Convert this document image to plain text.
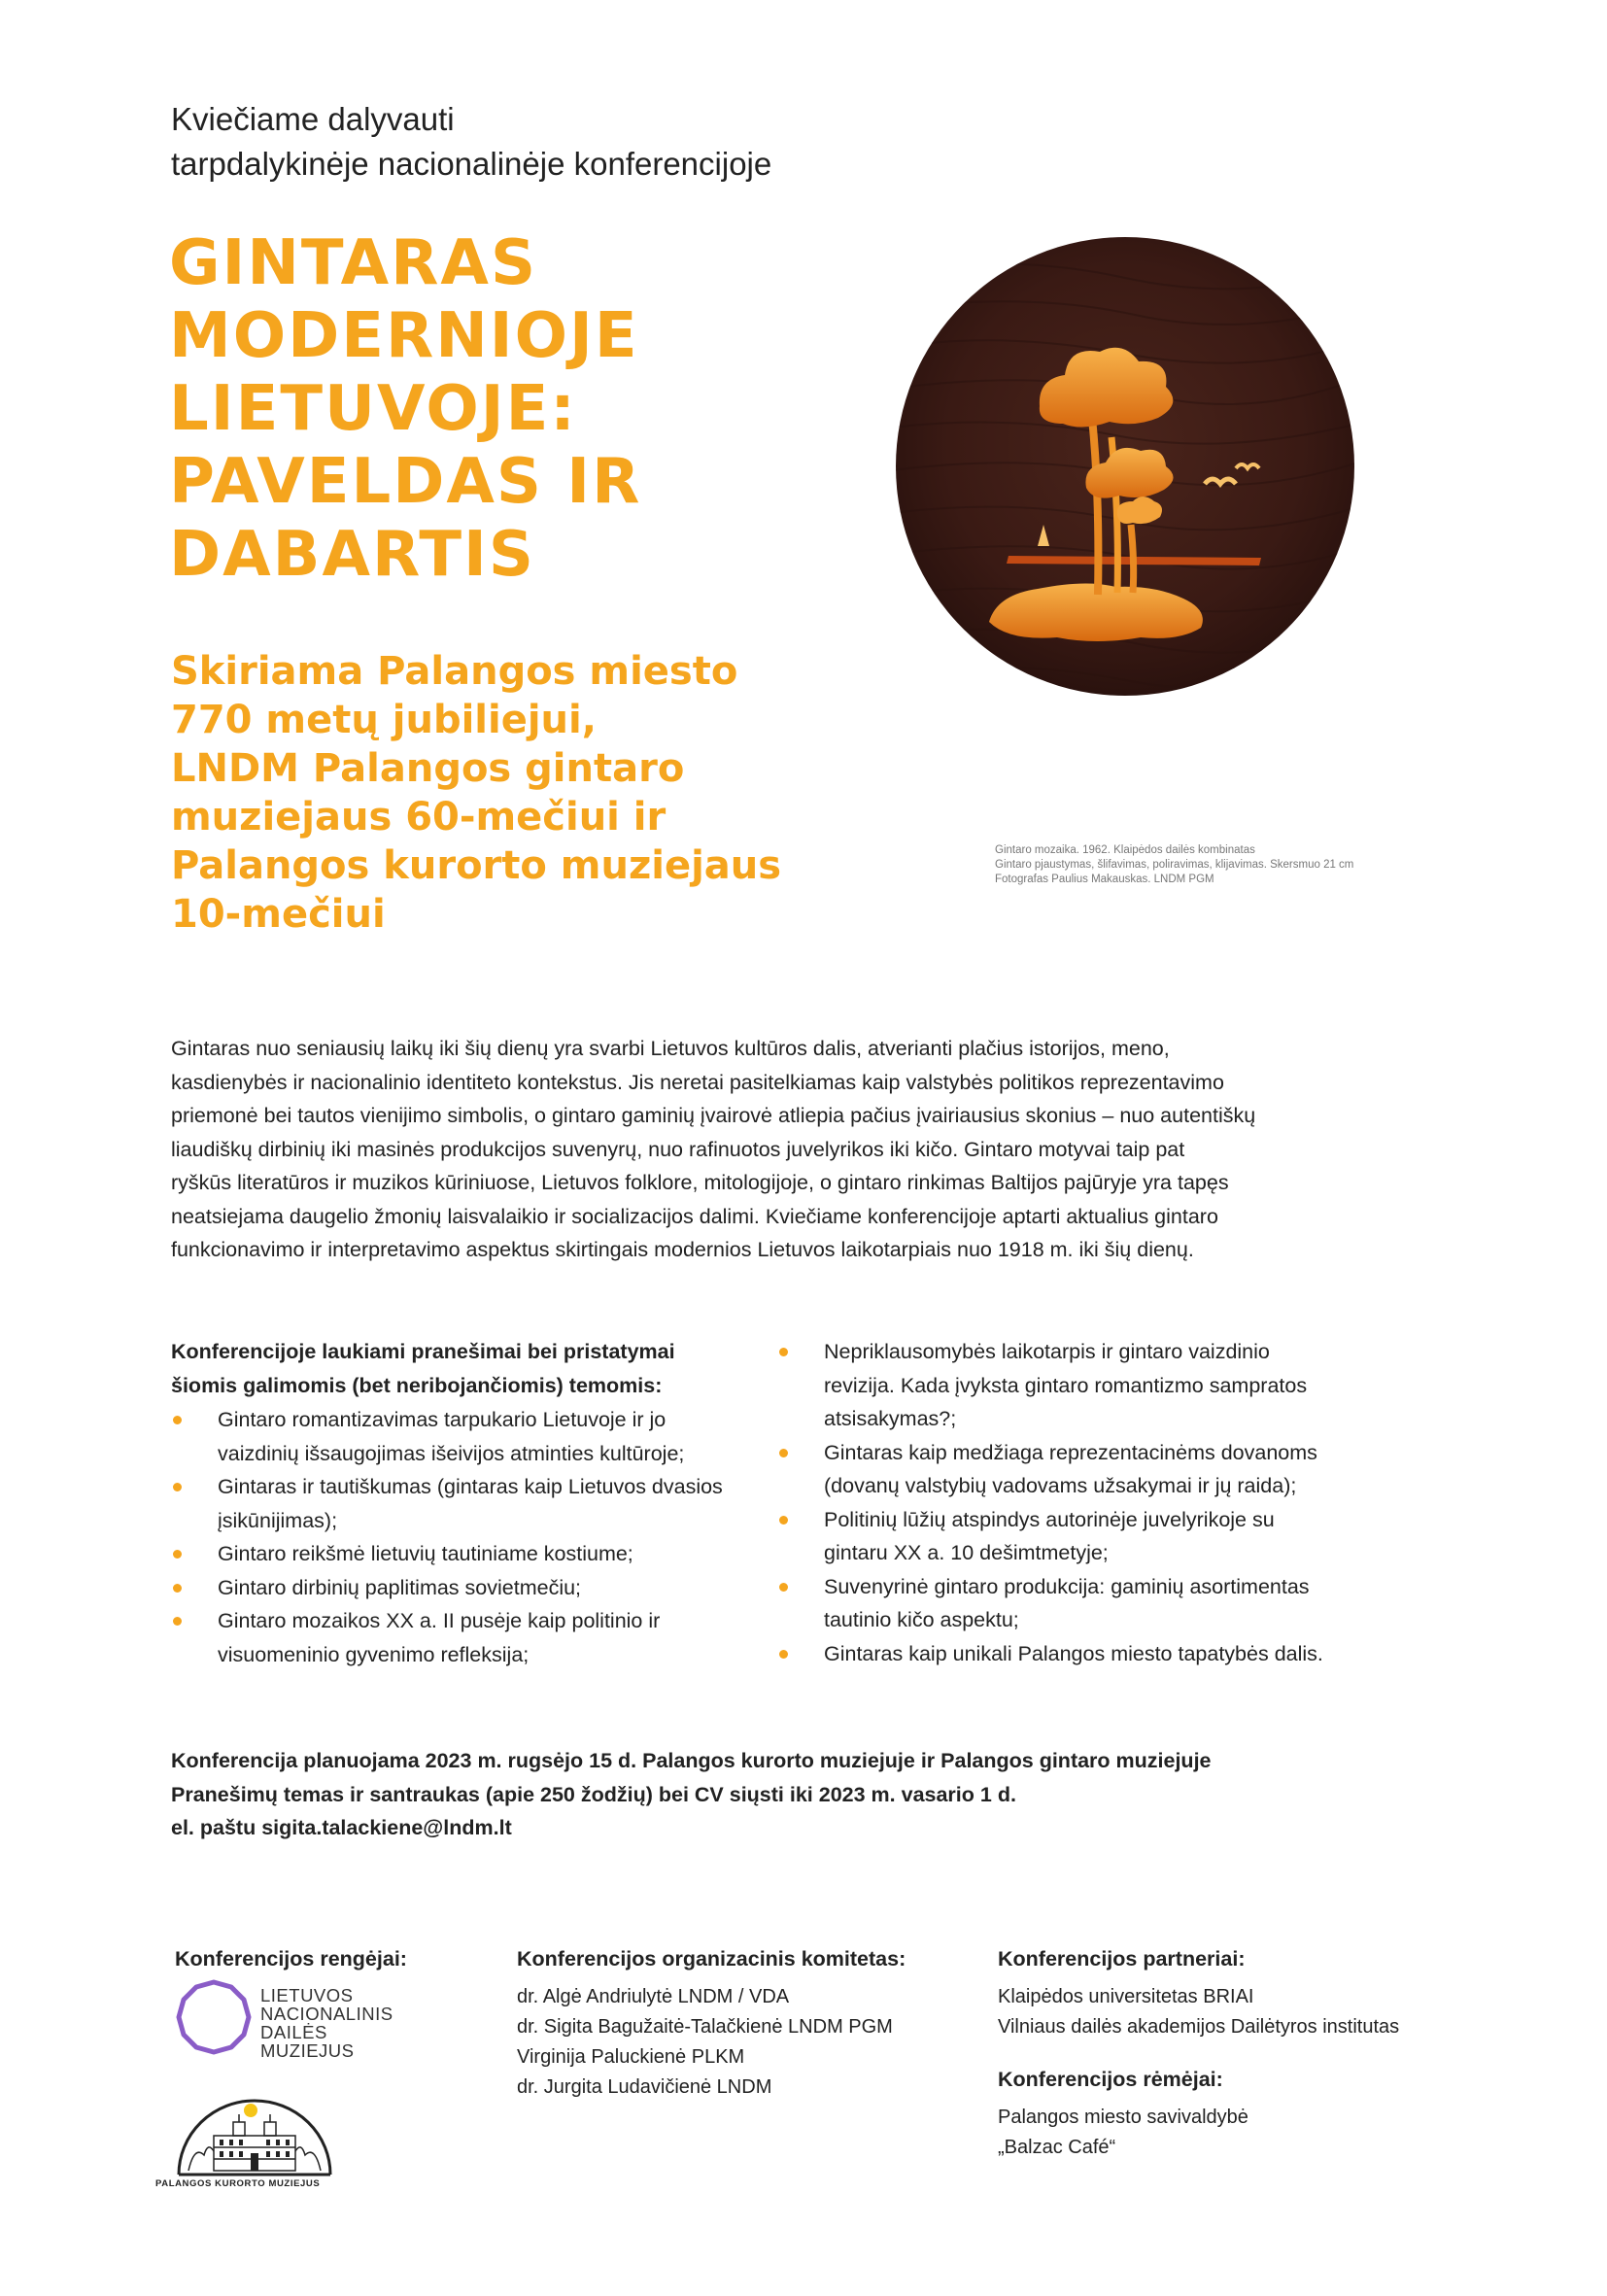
Kviečiame dalyvauti
tarpdalykinėje nacionalinėje konferencijoje
GINTARAS
MODERNIOJE
LIETUVOJE:
PAVELDAS IR
DABARTIS
Skiriama Palangos miesto
770 metų jubiliejui,
LNDM Palangos gintaro
muziejaus 60-mečiui ir
Palangos kurorto muziejaus
10-mečiui
Gintaro mozaika. 1962. Klaipėdos dailės kombinatas
Gintaro pjaustymas, šlifavimas, poliravimas, klijavimas. Skersmuo 21 cm
Fotografas Paulius Makauskas. LNDM PGM
Gintaras nuo seniausių laikų iki šių dienų yra svarbi Lietuvos kultūros dalis, atverianti plačius istorijos, meno,
kasdienybės ir nacionalinio identiteto kontekstus. Jis neretai pasitelkiamas kaip valstybės politikos reprezentavimo
priemonė bei tautos vienijimo simbolis, o gintaro gaminių įvairovė atliepia pačius įvairiausius skonius – nuo autentiškų
liaudiškų dirbinių iki masinės produkcijos suvenyrų, nuo rafinuotos juvelyrikos iki kičo. Gintaro motyvai taip pat
ryškūs literatūros ir muzikos kūriniuose, Lietuvos folklore, mitologijoje, o gintaro rinkimas Baltijos pajūryje yra tapęs
neatsiejama daugelio žmonių laisvalaikio ir socializacijos dalimi. Kviečiame konferencijoje aptarti aktualius gintaro
funkcionavimo ir interpretavimo aspektus skirtingais modernios Lietuvos laikotarpiais nuo 1918 m. iki šių dienų.
Konferencijoje laukiami pranešimai bei pristatymai
šiomis galimomis (bet neribojančiomis) temomis:
Gintaro romantizavimas tarpukario Lietuvoje ir jo
vaizdinių išsaugojimas išeivijos atminties kultūroje;
Gintaras ir tautiškumas (gintaras kaip Lietuvos dvasios
įsikūnijimas);
Gintaro reikšmė lietuvių tautiniame kostiume;
Gintaro dirbinių paplitimas sovietmečiu;
Gintaro mozaikos XX a. II pusėje kaip politinio ir
visuomeninio gyvenimo refleksija;
Nepriklausomybės laikotarpis ir gintaro vaizdinio
revizija. Kada įvyksta gintaro romantizmo sampratos
atsisakymas?;
Gintaras kaip medžiaga reprezentacinėms dovanoms
(dovanų valstybių vadovams užsakymai ir jų raida);
Politinių lūžių atspindys autorinėje juvelyrikoje su
gintaru XX a. 10 dešimtmetyje;
Suvenyrinė gintaro produkcija: gaminių asortimentas
tautinio kičo aspektu;
Gintaras kaip unikali Palangos miesto tapatybės dalis.
Konferencija planuojama 2023 m. rugsėjo 15 d. Palangos kurorto muziejuje ir Palangos gintaro muziejuje
Pranešimų temas ir santraukas (apie 250 žodžių) bei CV siųsti iki 2023 m. vasario 1 d.
el. paštu sigita.talackiene@lndm.lt
Konferencijos rengėjai:
LIETUVOS
NACIONALINIS
DAILĖS
MUZIEJUS
PALANGOS KURORTO MUZIEJUS
Konferencijos organizacinis komitetas:
dr. Algė Andriulytė LNDM / VDA
dr. Sigita Bagužaitė-Talačkienė LNDM PGM
Virginija Paluckienė PLKM
dr. Jurgita Ludavičienė LNDM
Konferencijos partneriai:
Klaipėdos universitetas BRIAI
Vilniaus dailės akademijos Dailėtyros institutas
Konferencijos rėmėjai:
Palangos miesto savivaldybė
„Balzac Café“
